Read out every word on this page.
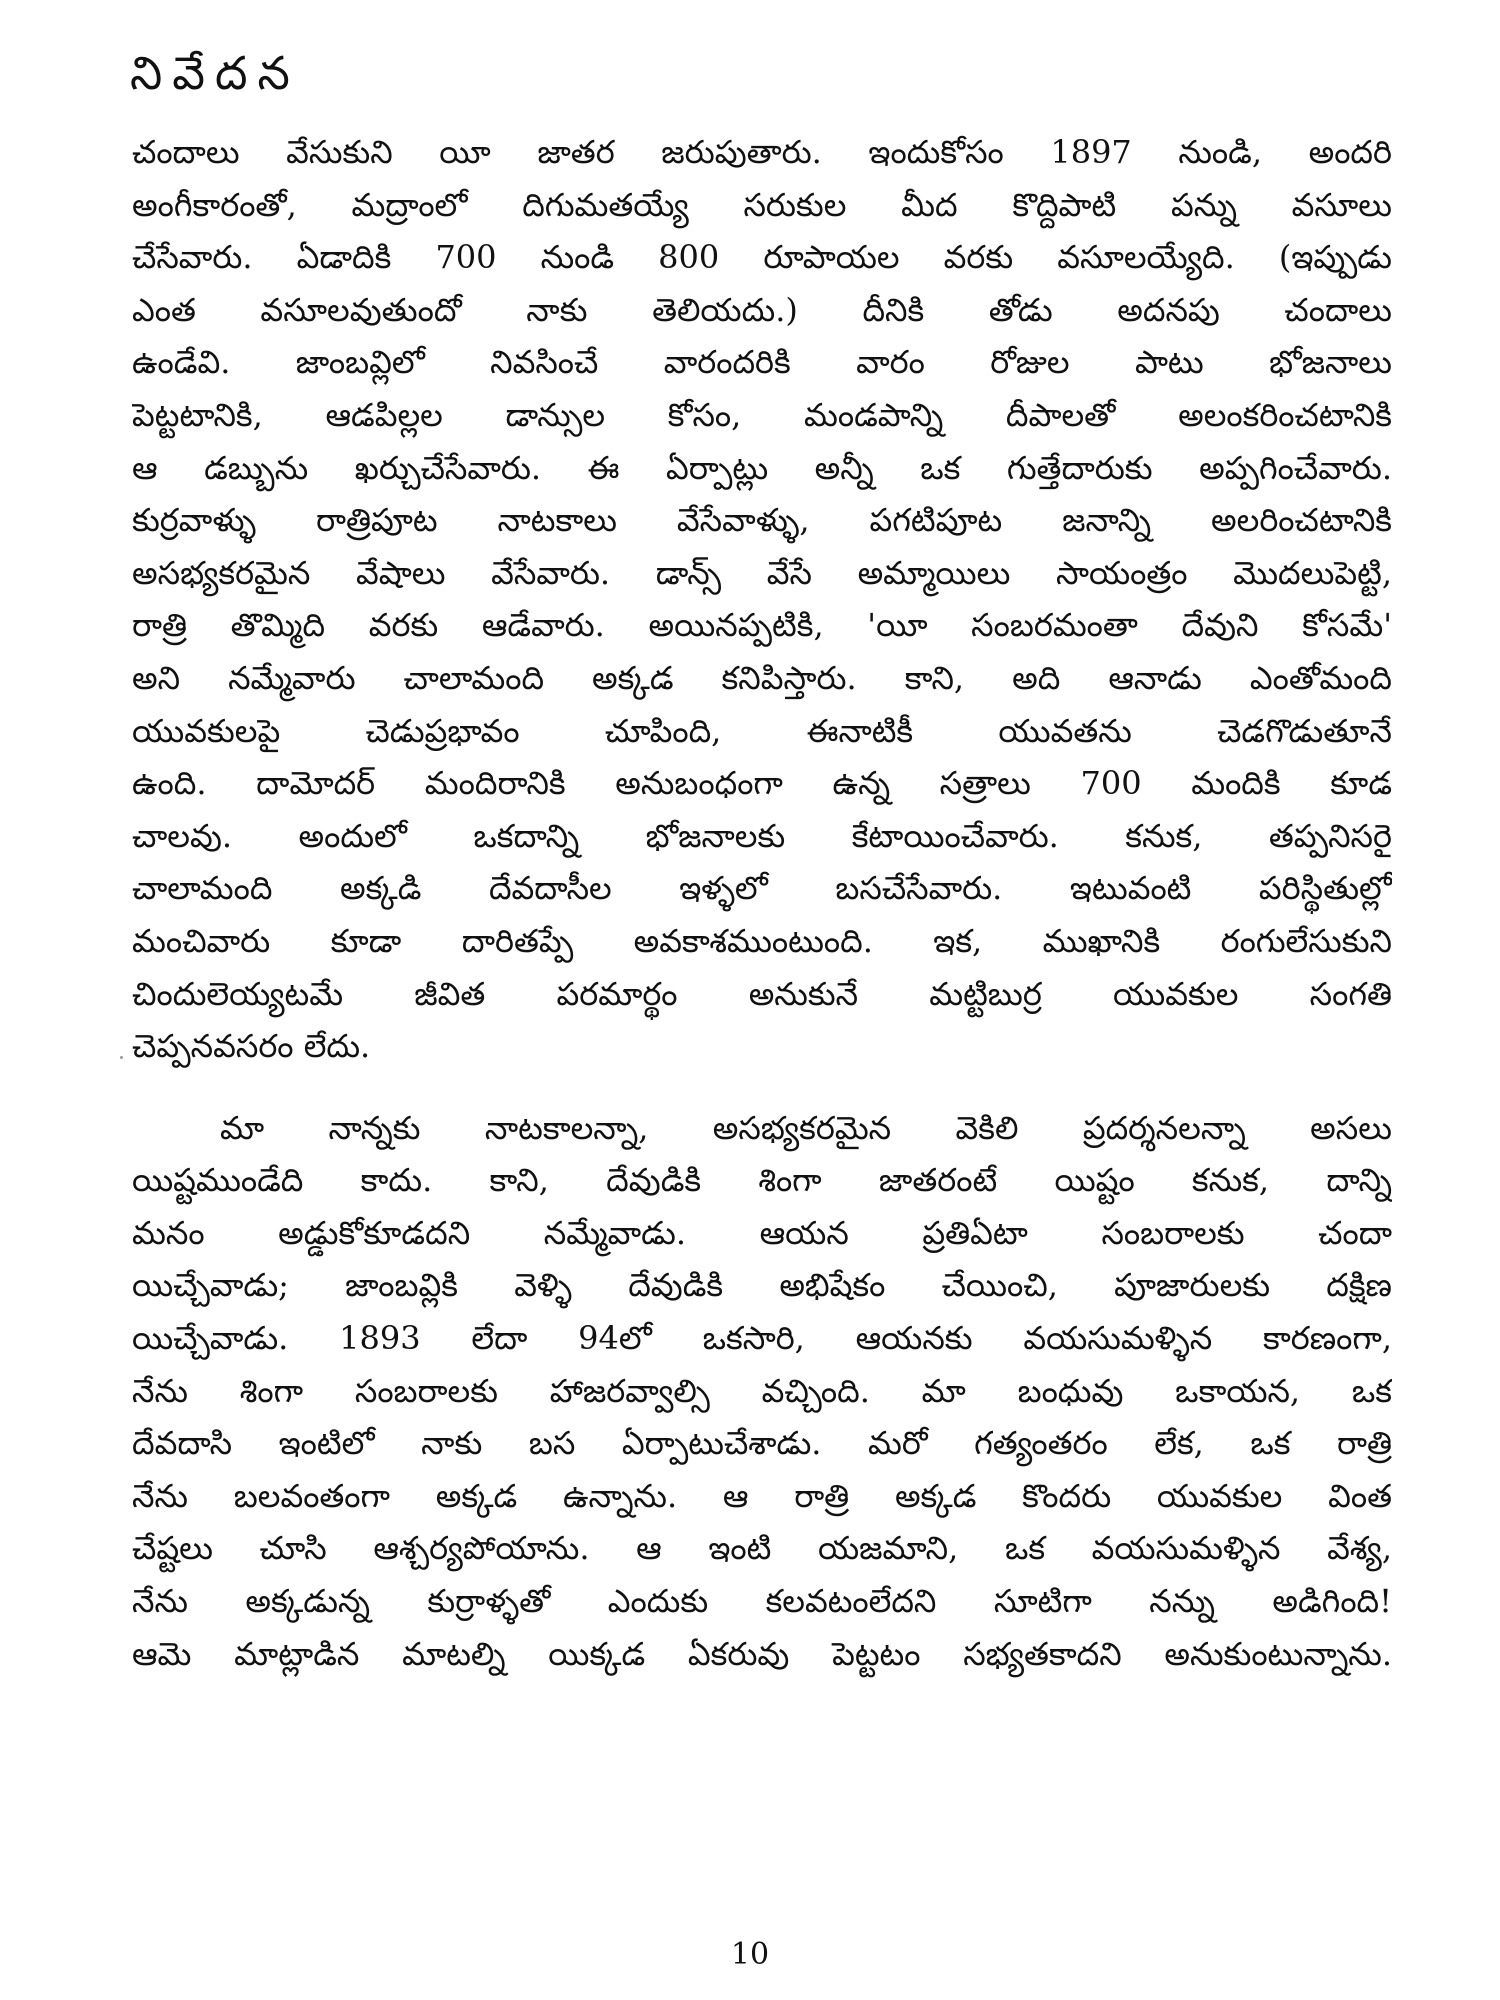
నివేదన
చందాలు వేసుకుని యీ జాతర జరుపుతారు. ఇందుకోసం 1897 నుండి, అందరి
అంగీకారంతో, మద్రాంలో దిగుమతయ్యే సరుకుల మీద కొద్దిపాటి పన్ను వసూలు
చేసేవారు. ఏడాదికి 700 నుండి 800 రూపాయల వరకు వసూలయ్యేది. (ఇప్పుడు
ఎంత వసూలవుతుందో నాకు తెలియదు.) దీనికి తోడు అదనపు చందాలు
ఉండేవి. జాంబవ్లిలో నివసించే వారందరికి వారం రోజుల పాటు భోజనాలు
పెట్టటానికి, ఆడపిల్లల డాన్సుల కోసం, మండపాన్ని దీపాలతో అలంకరించటానికి
ఆ డబ్బును ఖర్చుచేసేవారు. ఈ ఏర్పాట్లు అన్నీ ఒక గుత్తేదారుకు అప్పగించేవారు.
కుర్రవాళ్ళు రాత్రిపూట నాటకాలు వేసేవాళ్ళు, పగటిపూట జనాన్ని అలరించటానికి
అసభ్యకరమైన వేషాలు వేసేవారు. డాన్స్ వేసే అమ్మాయిలు సాయంత్రం మొదలుపెట్టి,
రాత్రి తొమ్మిది వరకు ఆడేవారు. అయినప్పటికి, 'యీ సంబరమంతా దేవుని కోసమే'
అని నమ్మేవారు చాలామంది అక్కడ కనిపిస్తారు. కాని, అది ఆనాడు ఎంతోమంది
యువకులపై చెడుప్రభావం చూపింది, ఈనాటికీ యువతను చెడగొడుతూనే
ఉంది. దామోదర్ మందిరానికి అనుబంధంగా ఉన్న సత్రాలు 700 మందికి కూడ
చాలవు. అందులో ఒకదాన్ని భోజనాలకు కేటాయించేవారు. కనుక, తప్పనిసరై
చాలామంది అక్కడి దేవదాసీల ఇళ్ళలో బసచేసేవారు. ఇటువంటి పరిస్థితుల్లో
మంచివారు కూడా దారితప్పే అవకాశముంటుంది. ఇక, ముఖానికి రంగులేసుకుని
చిందులెయ్యటమే జీవిత పరమార్థం అనుకునే మట్టిబుర్ర యువకుల సంగతి
చెప్పనవసరం లేదు.
మా నాన్నకు నాటకాలన్నా, అసభ్యకరమైన వెకిలి ప్రదర్శనలన్నా అసలు
యిష్టముండేది కాదు. కాని, దేవుడికి శింగా జాతరంటే యిష్టం కనుక, దాన్ని
మనం అడ్డుకోకూడదని నమ్మేవాడు. ఆయన ప్రతిఏటా సంబరాలకు చందా
యిచ్చేవాడు; జాంబవ్లికి వెళ్ళి దేవుడికి అభిషేకం చేయించి, పూజారులకు దక్షిణ
యిచ్చేవాడు. 1893 లేదా 94లో ఒకసారి, ఆయనకు వయసుమళ్ళిన కారణంగా,
నేను శింగా సంబరాలకు హాజరవ్వాల్సి వచ్చింది. మా బంధువు ఒకాయన, ఒక
దేవదాసి ఇంటిలో నాకు బస ఏర్పాటుచేశాడు. మరో గత్యంతరం లేక, ఒక రాత్రి
నేను బలవంతంగా అక్కడ ఉన్నాను. ఆ రాత్రి అక్కడ కొందరు యువకుల వింత
చేష్టలు చూసి ఆశ్చర్యపోయాను. ఆ ఇంటి యజమాని, ఒక వయసుమళ్ళిన వేశ్య,
నేను అక్కడున్న కుర్రాళ్ళతో ఎందుకు కలవటంలేదని సూటిగా నన్ను అడిగింది!
ఆమె మాట్లాడిన మాటల్ని యిక్కడ ఏకరువు పెట్టటం సభ్యతకాదని అనుకుంటున్నాను.
10
